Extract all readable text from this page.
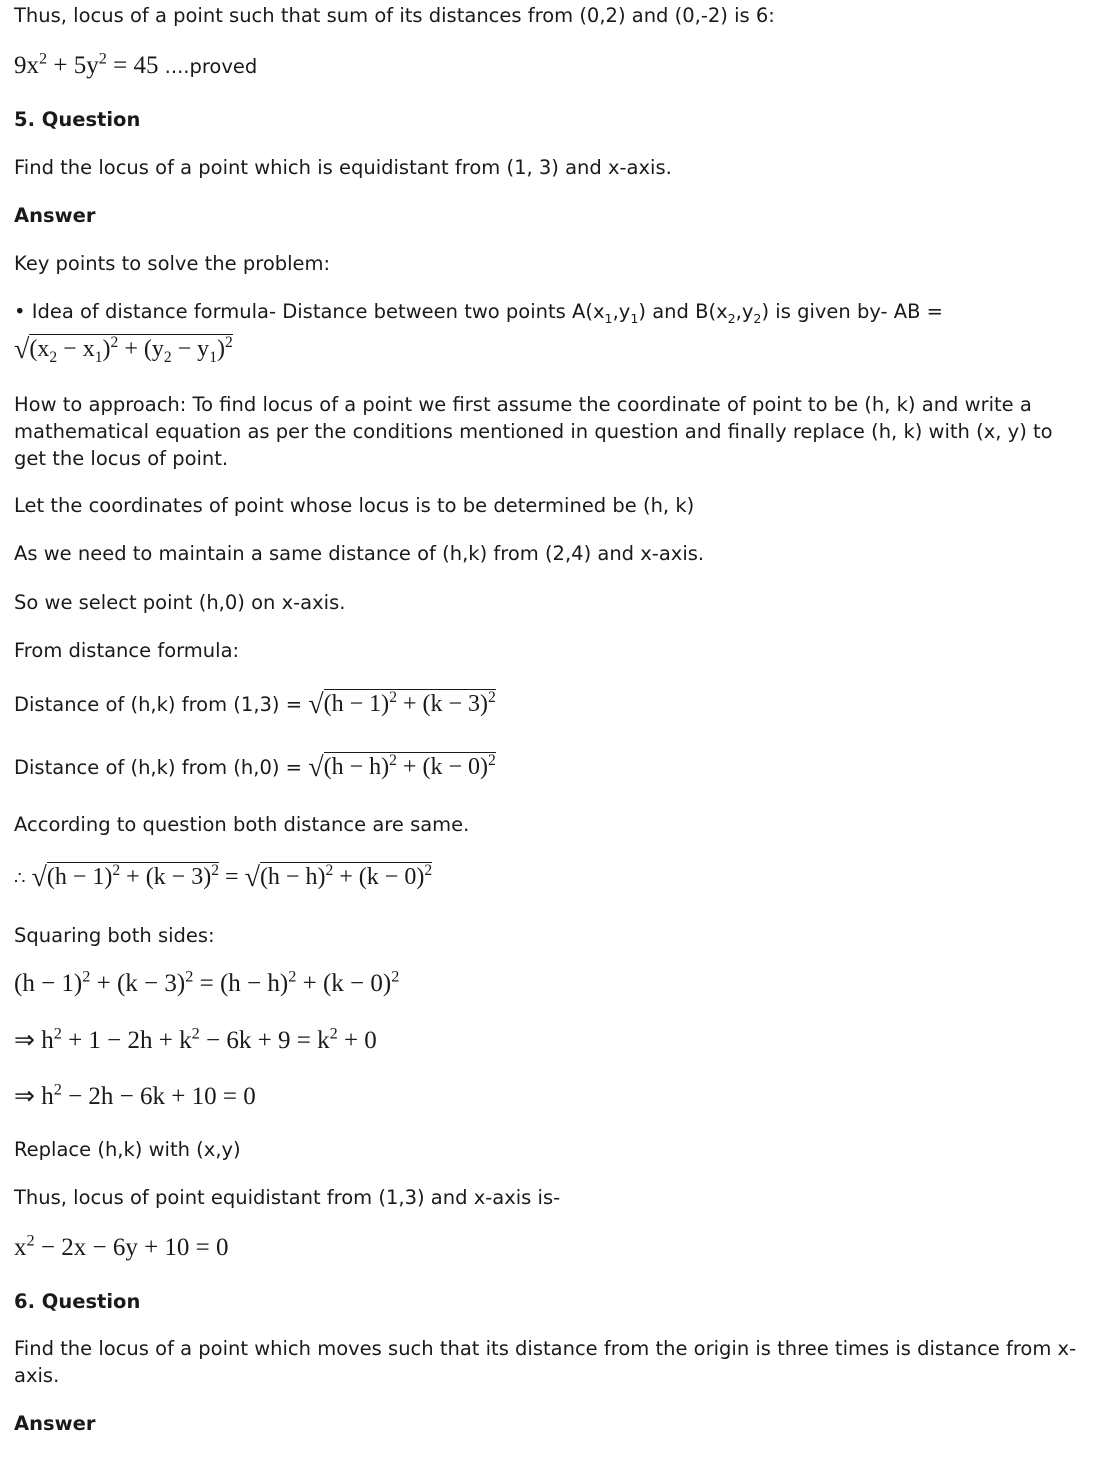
Thus, locus of a point such that sum of its distances from (0,2) and (0,-2) is 6:
$9x^2 + 5y^2 = 45$ ....proved
5. Question
Find the locus of a point which is equidistant from (1, 3) and x-axis.
Answer
Key points to solve the problem:
• Idea of distance formula- Distance between two points $A(x_1,y_1)$ and $B(x_2,y_2)$ is given by- AB =
$√(x_2 - x_1)^2 + (y_2 - y_1)^2$
How to approach: To find locus of a point we first assume the coordinate of point to be (h, k) and write a mathematical equation as per the conditions mentioned in question and finally replace (h, k) with (x, y) to get the locus of point.
Let the coordinates of point whose locus is to be determined be (h, k)
As we need to maintain a same distance of (h,k) from (2,4) and x-axis.
So we select point (h,0) on x-axis.
From distance formula:
Distance of (h,k) from $(1,3) = √(h - 1)^2 + (k - 3)^2$
Distance of (h,k) from $(h,0) = √(h - h)^2 + (k - 0)^2$
According to question both distance are same.
∴ $√(h - 1)^2 + (k - 3)^2 = √(h - h)^2 + (k - 0)^2$
Squaring both sides:
$(h - 1)^2 + (k - 3)^2 = (h - h)^2 + (k - 0)^2$
⇒ $h^2 + 1 - 2h + k^2 - 6k + 9 = k^2 + 0$
⇒ $h^2 - 2h - 6k + 10 = 0$
Replace (h,k) with (x,y)
Thus, locus of point equidistant from (1,3) and x-axis is-
$x^2 - 2x - 6y + 10 = 0$
6. Question
Find the locus of a point which moves such that its distance from the origin is three times is distance from x-axis.
Answer
